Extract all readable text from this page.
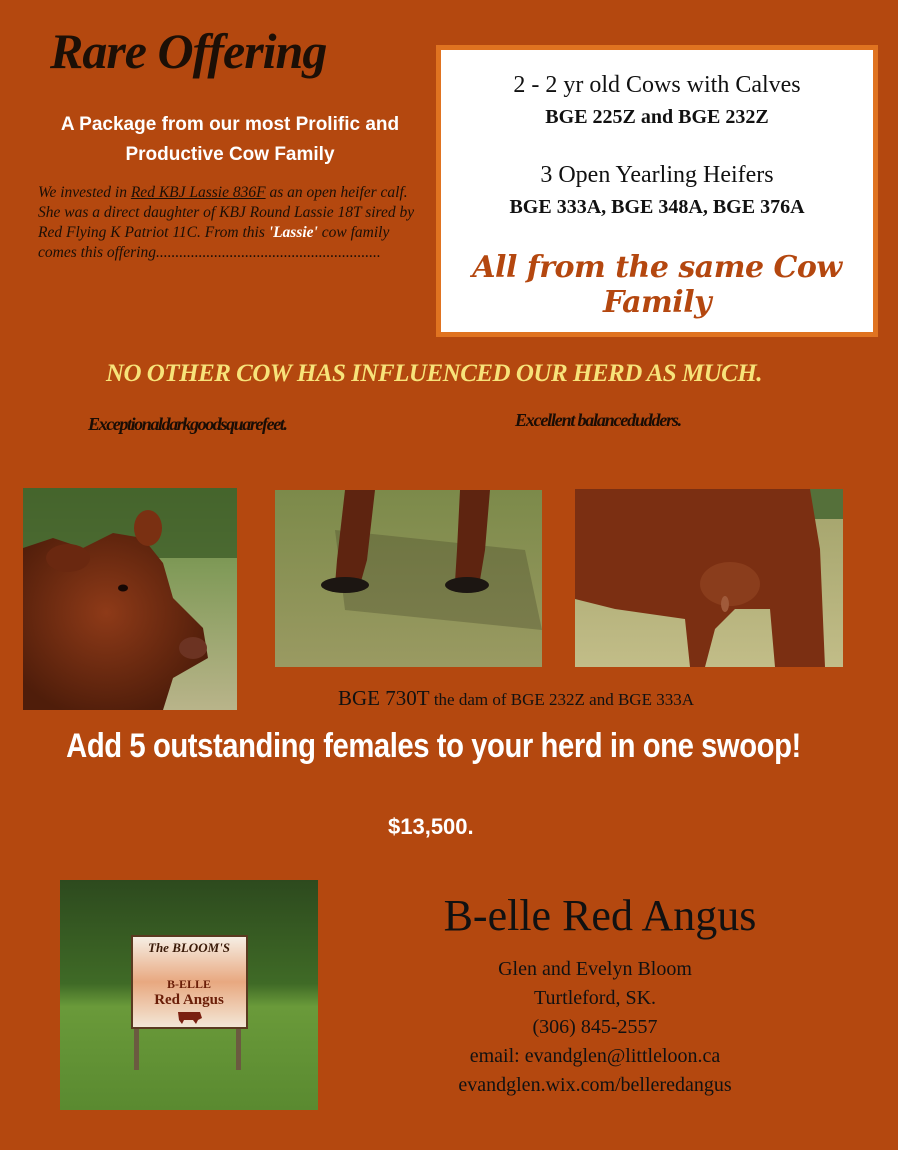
Rare Offering
A Package from our most Prolific and
Productive Cow Family
We invested in Red KBJ Lassie 836F as an open heifer calf. She was a direct daughter of KBJ Round Lassie 18T sired by Red Flying K Patriot 11C. From this 'Lassie' cow family comes this offering..........................................................
2 - 2 yr old Cows with Calves
BGE 225Z and BGE 232Z
3 Open Yearling Heifers
BGE 333A, BGE 348A, BGE 376A
All from the same Cow Family
NO OTHER COW HAS INFLUENCED OUR HERD AS MUCH.
Exceptionaldarkgoodsquarefeet.	Excellent balancedudders.
BGE 730T the dam of BGE 232Z and BGE 333A
Add 5 outstanding females to your herd in one swoop!
$13,500.
The BLOOM'S
B-ELLE
Red Angus
B-elle Red Angus
Glen and Evelyn Bloom
Turtleford, SK.
(306) 845-2557
email: evandglen@littleloon.ca
evandglen.wix.com/belleredangus
